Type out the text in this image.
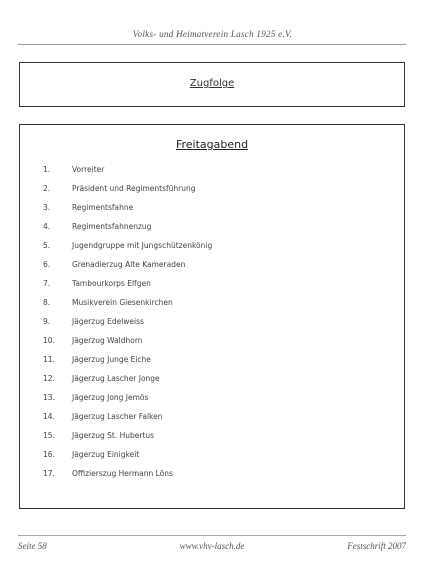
Volks- und Heimatverein Lasch 1925 e.V.
Zugfolge
Freitagabend
1.	Vorreiter
2.	Präsident und Regimentsführung
3.	Regimentsfahne
4.	Regimentsfahnenzug
5.	Jugendgruppe mit Jungschützenkönig
6.	Grenadierzug Alte Kameraden
7.	Tambourkorps Elfgen
8.	Musikverein Giesenkirchen
9.	Jägerzug Edelweiss
10.	Jägerzug Waldhorn
11.	Jägerzug Junge Eiche
12.	Jägerzug Lascher Jonge
13.	Jägerzug Jong Jemös
14.	Jägerzug Lascher Falken
15.	Jägerzug St. Hubertus
16.	Jägerzug Einigkeit
17.	Offizierszug Hermann Löns
Seite 58	www.vhv-lasch.de	Festschrift 2007
